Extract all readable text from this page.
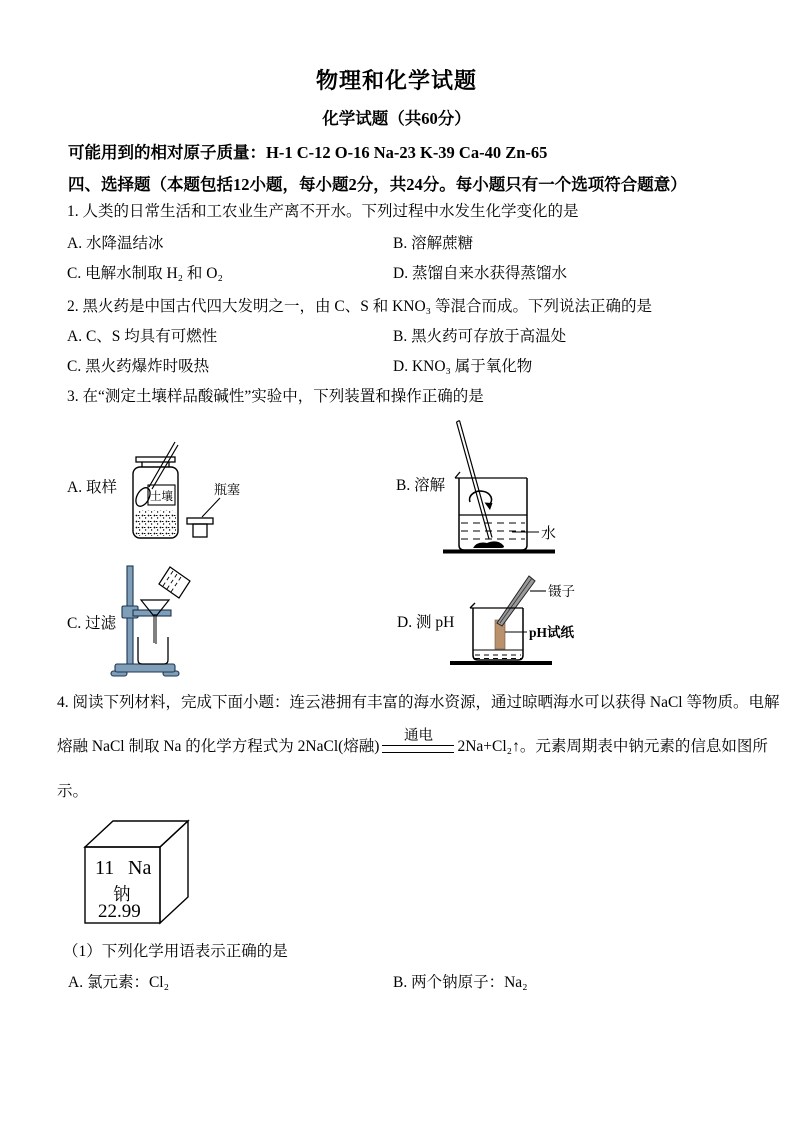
物理和化学试题
化学试题（共60分）
可能用到的相对原子质量：H-1 C-12 O-16 Na-23 K-39 Ca-40 Zn-65
四、选择题（本题包括12小题，每小题2分，共24分。每小题只有一个选项符合题意）
1. 人类的日常生活和工农业生产离不开水。下列过程中水发生化学变化的是
A. 水降温结冰	B. 溶解蔗糖
C. 电解水制取 H₂ 和 O₂	D. 蒸馏自来水获得蒸馏水
2. 黑火药是中国古代四大发明之一，由 C、S 和 KNO₃ 等混合而成。下列说法正确的是
A. C、S 均具有可燃性	B. 黑火药可存放于高温处
C. 黑火药爆炸时吸热	D. KNO₃ 属于氧化物
3. 在“测定土壤样品酸碱性”实验中，下列装置和操作正确的是
A. 取样
土壤	瓶塞	B. 溶解
水
C. 过滤	D. 测 pH
镊子
pH试纸
4. 阅读下列材料，完成下面小题：连云港拥有丰富的海水资源，通过晾晒海水可以获得 NaCl 等物质。电解
熔融 NaCl 制取 Na 的化学方程式为 2NaCl(熔融)
通电
2Na+Cl₂↑。元素周期表中钠元素的信息如图所
示。
11 Na
钠
22.99
（1）下列化学用语表示正确的是
A. 氯元素：Cl₂	B. 两个钠原子：Na₂
